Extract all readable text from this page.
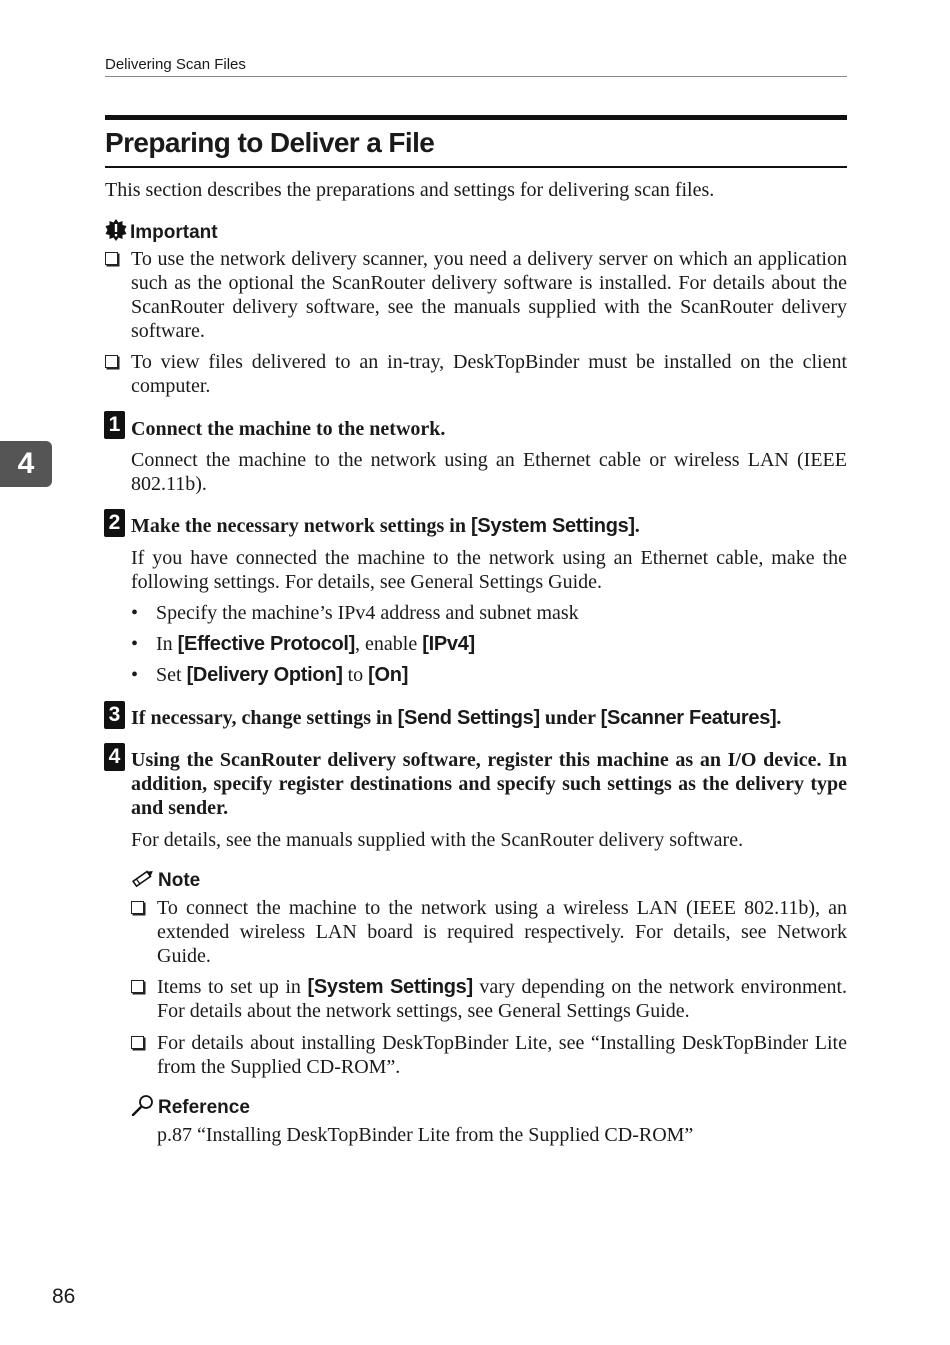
Delivering Scan Files
Preparing to Deliver a File
This section describes the preparations and settings for delivering scan files.
Important
To use the network delivery scanner, you need a delivery server on which an application such as the optional the ScanRouter delivery software is installed. For details about the ScanRouter delivery software, see the manuals supplied with the ScanRouter delivery software.
To view files delivered to an in-tray, DeskTopBinder must be installed on the client computer.
4
1 Connect the machine to the network.
Connect the machine to the network using an Ethernet cable or wireless LAN (IEEE 802.11b).
2 Make the necessary network settings in [System Settings].
If you have connected the machine to the network using an Ethernet cable, make the following settings. For details, see General Settings Guide.
• Specify the machine’s IPv4 address and subnet mask
• In [Effective Protocol], enable [IPv4]
• Set [Delivery Option] to [On]
3 If necessary, change settings in [Send Settings] under [Scanner Features].
4 Using the ScanRouter delivery software, register this machine as an I/O device. In addition, specify register destinations and specify such settings as the delivery type and sender.
For details, see the manuals supplied with the ScanRouter delivery software.
Note
To connect the machine to the network using a wireless LAN (IEEE 802.11b), an extended wireless LAN board is required respectively. For details, see Network Guide.
Items to set up in [System Settings] vary depending on the network environment. For details about the network settings, see General Settings Guide.
For details about installing DeskTopBinder Lite, see “Installing DeskTopBinder Lite from the Supplied CD-ROM”.
Reference
p.87 “Installing DeskTopBinder Lite from the Supplied CD-ROM”
86
